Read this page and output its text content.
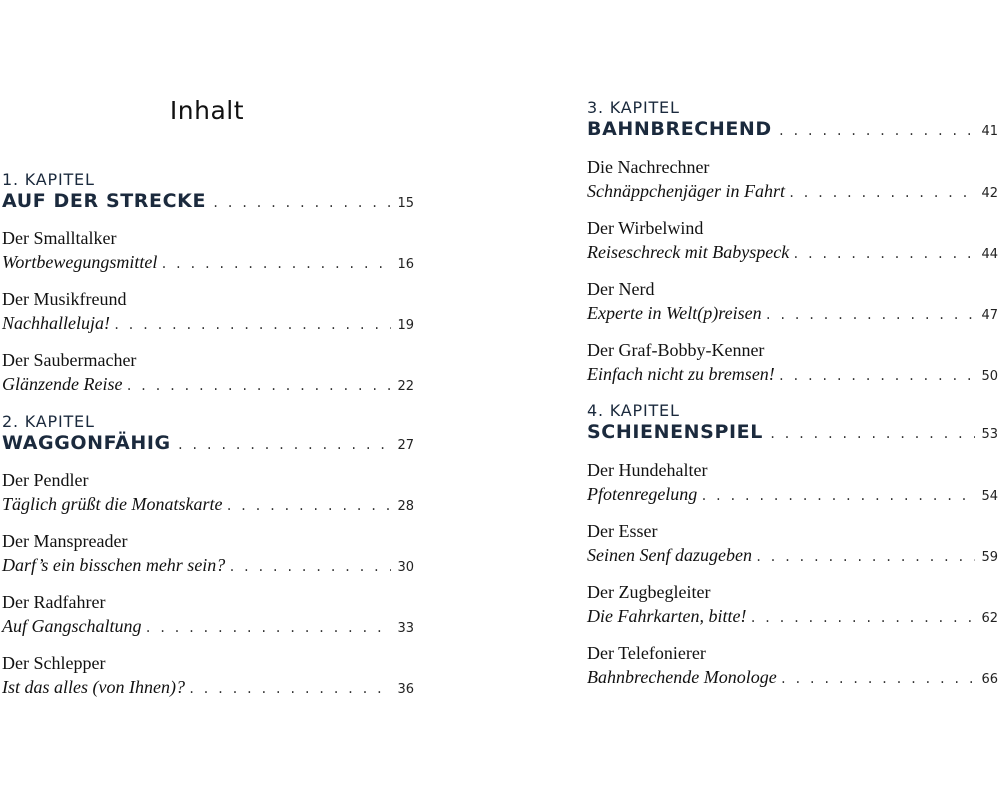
Inhalt
1. KAPITEL
AUF DER STRECKE . . .	15
Der Smalltalker
Wortbewegungsmittel . . .	16
Der Musikfreund
Nachhalleluja! . . .	19
Der Saubermacher
Glänzende Reise . . .	22
2. KAPITEL
WAGGONFÄHIG . . .	27
Der Pendler
Täglich grüßt die Monatskarte . . .	28
Der Manspreader
Darf’s ein bisschen mehr sein? . . .	30
Der Radfahrer
Auf Gangschaltung . . .	33
Der Schlepper
Ist das alles (von Ihnen)? . . .	36
3. KAPITEL
BAHNBRECHEND . . .	41
Die Nachrechner
Schnäppchenjäger in Fahrt . . .	42
Der Wirbelwind
Reiseschreck mit Babyspeck . . .	44
Der Nerd
Experte in Welt(p)reisen . . .	47
Der Graf-Bobby-Kenner
Einfach nicht zu bremsen! . . .	50
4. KAPITEL
SCHIENENSPIEL . . .	53
Der Hundehalter
Pfotenregelung . . .	54
Der Esser
Seinen Senf dazugeben . . .	59
Der Zugbegleiter
Die Fahrkarten, bitte! . . .	62
Der Telefonierer
Bahnbrechende Monologe . . .	66
